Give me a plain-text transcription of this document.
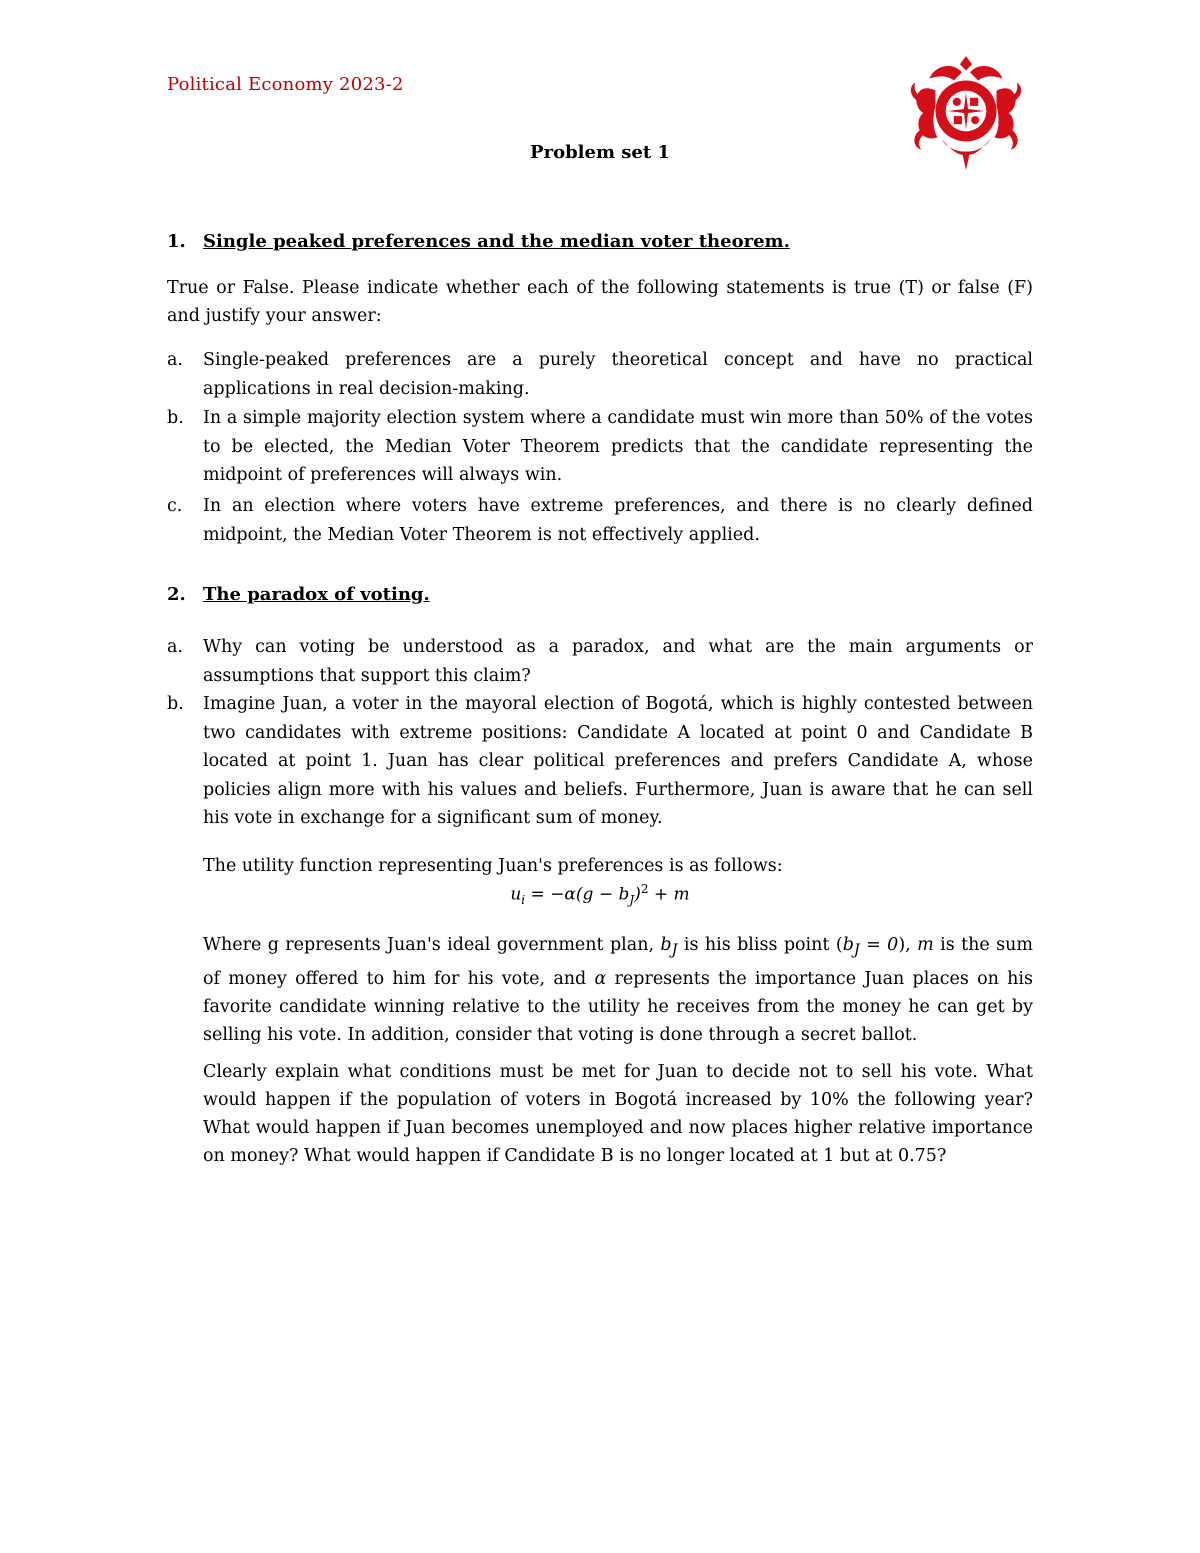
Political Economy 2023-2
Problem set 1
1. Single peaked preferences and the median voter theorem.
True or False. Please indicate whether each of the following statements is true (T) or false (F) and justify your answer:
a. Single-peaked preferences are a purely theoretical concept and have no practical applications in real decision-making.
b. In a simple majority election system where a candidate must win more than 50% of the votes to be elected, the Median Voter Theorem predicts that the candidate representing the midpoint of preferences will always win.
c. In an election where voters have extreme preferences, and there is no clearly defined midpoint, the Median Voter Theorem is not effectively applied.
2. The paradox of voting.
a. Why can voting be understood as a paradox, and what are the main arguments or assumptions that support this claim?
b. Imagine Juan, a voter in the mayoral election of Bogotá, which is highly contested between two candidates with extreme positions: Candidate A located at point 0 and Candidate B located at point 1. Juan has clear political preferences and prefers Candidate A, whose policies align more with his values and beliefs. Furthermore, Juan is aware that he can sell his vote in exchange for a significant sum of money.
The utility function representing Juan's preferences is as follows:
$u_i = -\alpha(g - b_J)^2 + m$
Where g represents Juan's ideal government plan, $b_J$ is his bliss point $(b_J = 0)$, m is the sum of money offered to him for his vote, and α represents the importance Juan places on his favorite candidate winning relative to the utility he receives from the money he can get by selling his vote. In addition, consider that voting is done through a secret ballot.
Clearly explain what conditions must be met for Juan to decide not to sell his vote. What would happen if the population of voters in Bogotá increased by 10% the following year? What would happen if Juan becomes unemployed and now places higher relative importance on money? What would happen if Candidate B is no longer located at 1 but at 0.75?
